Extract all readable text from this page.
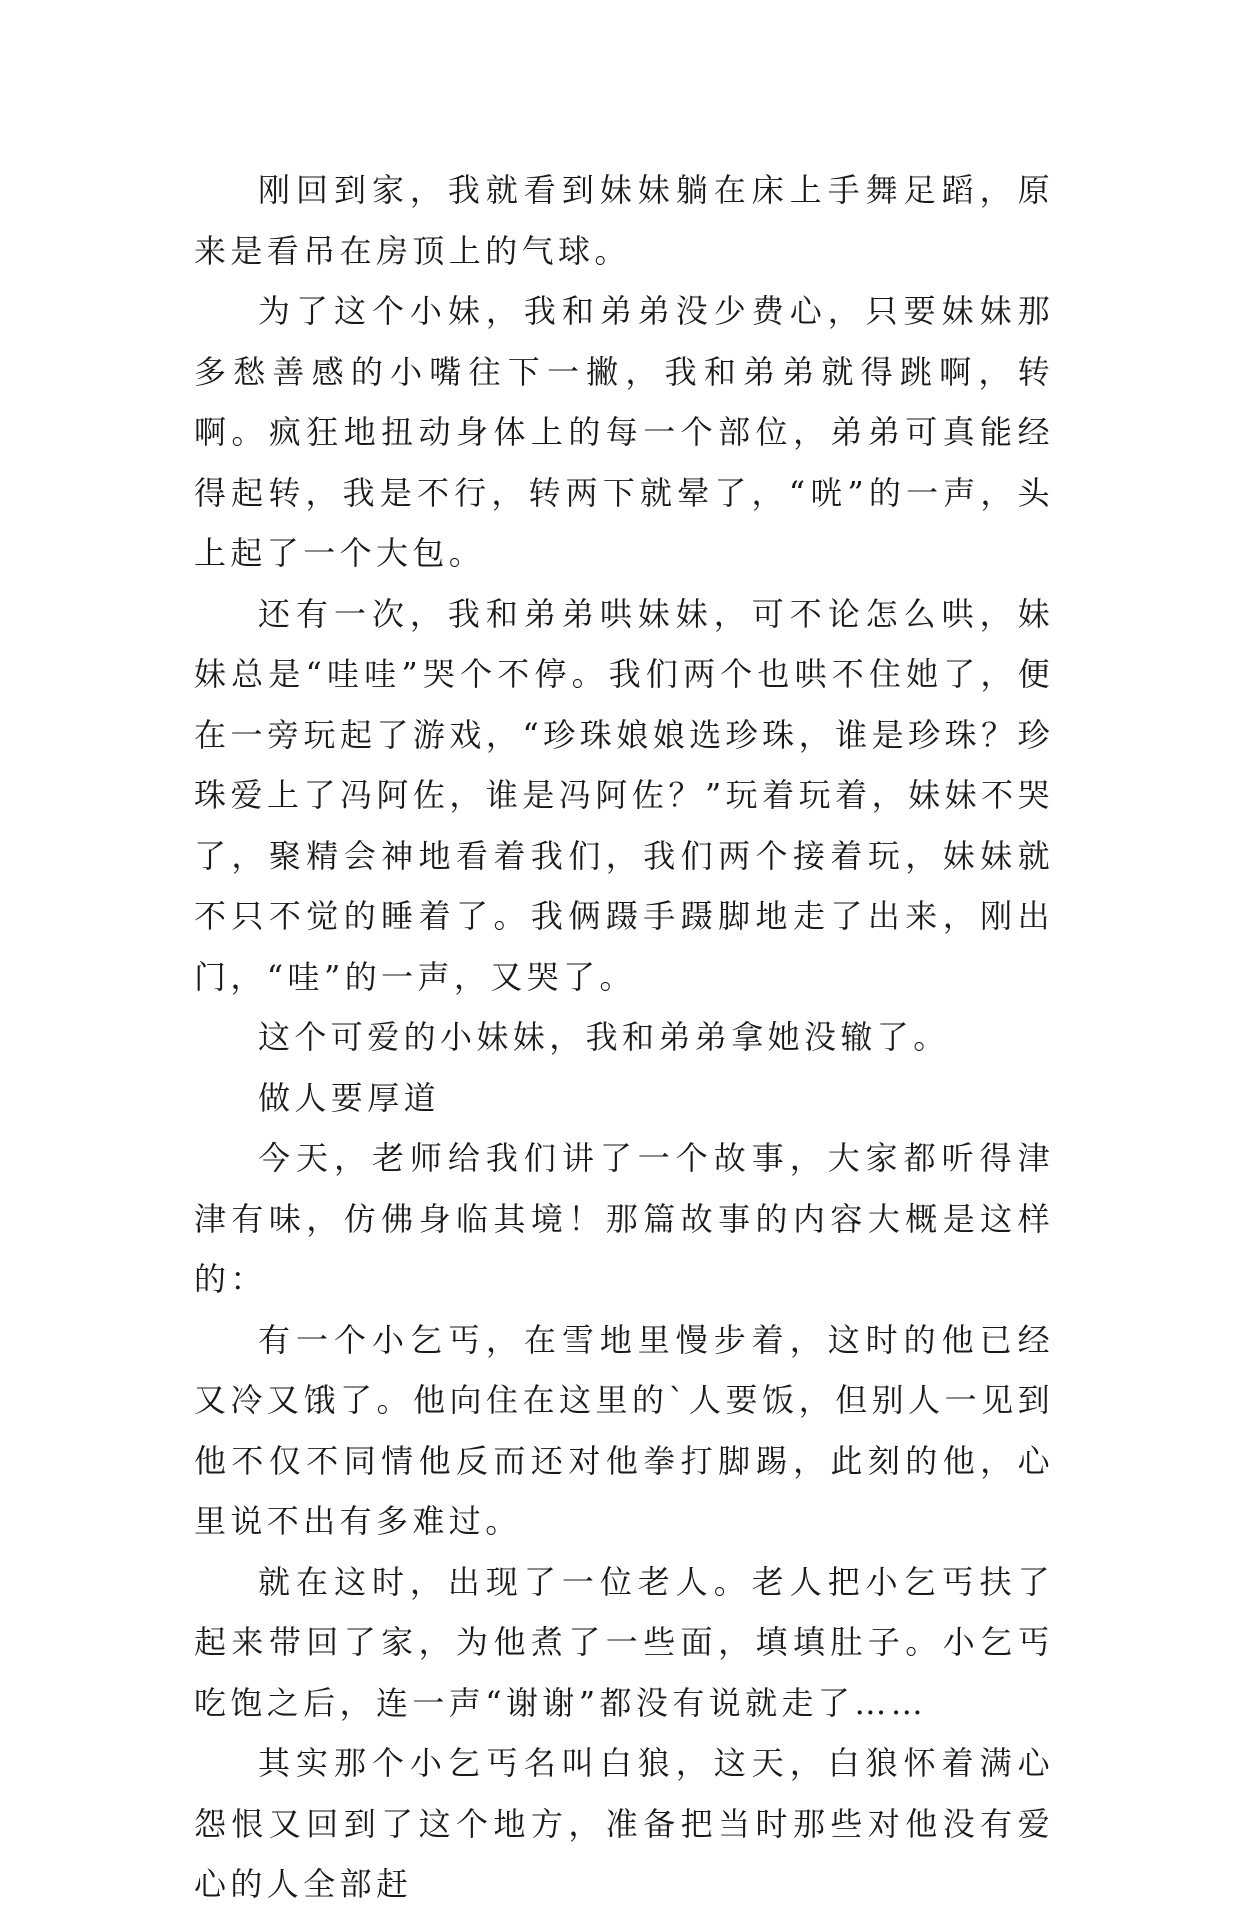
刚回到家，我就看到妹妹躺在床上手舞足蹈，原来是看吊在房顶上的气球。

为了这个小妹，我和弟弟没少费心，只要妹妹那多愁善感的小嘴往下一撇，我和弟弟就得跳啊，转啊。疯狂地扭动身体上的每一个部位，弟弟可真能经得起转，我是不行，转两下就晕了，“咣”的一声，头上起了一个大包。

还有一次，我和弟弟哄妹妹，可不论怎么哄，妹妹总是“哇哇”哭个不停。我们两个也哄不住她了，便在一旁玩起了游戏，“珍珠娘娘选珍珠，谁是珍珠？珍珠爱上了冯阿佐，谁是冯阿佐？”玩着玩着，妹妹不哭了，聚精会神地看着我们，我们两个接着玩，妹妹就不只不觉的睡着了。我俩蹑手蹑脚地走了出来，刚出门，“哇”的一声，又哭了。

这个可爱的小妹妹，我和弟弟拿她没辙了。

做人要厚道

今天，老师给我们讲了一个故事，大家都听得津津有味，仿佛身临其境！那篇故事的内容大概是这样的：

有一个小乞丐，在雪地里慢步着，这时的他已经又冷又饿了。他向住在这里的`人要饭，但别人一见到他不仅不同情他反而还对他拳打脚踢，此刻的他，心里说不出有多难过。

就在这时，出现了一位老人。老人把小乞丐扶了起来带回了家，为他煮了一些面，填填肚子。小乞丐吃饱之后，连一声“谢谢”都没有说就走了……

其实那个小乞丐名叫白狼，这天，白狼怀着满心怨恨又回到了这个地方，准备把当时那些对他没有爱心的人全部赶
